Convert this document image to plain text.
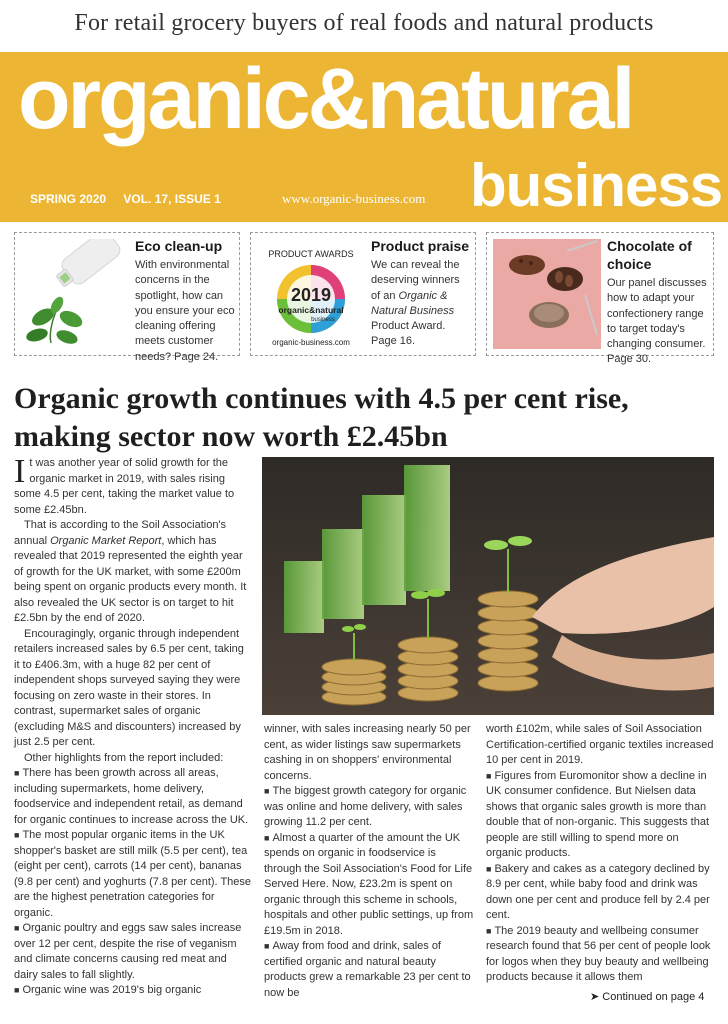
For retail grocery buyers of real foods and natural products
organic&natural
business
SPRING 2020 VOL. 17, ISSUE 1	www.organic-business.com
Eco clean-up

With environmental concerns in the spotlight, how can you ensure your eco cleaning offering meets customer needs? Page 24.

PRODUCT AWARDS
2019
organic&natural
business
organic-business.com
Product praise

We can reveal the deserving winners of an Organic & Natural Business Product Award. Page 16.

Chocolate of choice

Our panel discusses how to adapt your confectionery range to target today's changing consumer. Page 30.

Organic growth continues with 4.5 per cent rise, making sector now worth £2.45bn

It was another year of solid growth for the organic market in 2019, with sales rising some 4.5 per cent, taking the market value to some £2.45bn.

That is according to the Soil Association's annual Organic Market Report, which has revealed that 2019 represented the eighth year of growth for the UK market, with some £200m being spent on organic products every month. It also revealed the UK sector is on target to hit £2.5bn by the end of 2020.

Encouragingly, organic through independent retailers increased sales by 6.5 per cent, taking it to £406.3m, with a huge 82 per cent of independent shops surveyed saying they were focusing on zero waste in their stores. In contrast, supermarket sales of organic (excluding M&S and discounters) increased by just 2.5 per cent.

Other highlights from the report included:

■ There has been growth across all areas, including supermarkets, home delivery, foodservice and independent retail, as demand for organic continues to increase across the UK.

■ The most popular organic items in the UK shopper's basket are still milk (5.5 per cent), tea (eight per cent), carrots (14 per cent), bananas (9.8 per cent) and yoghurts (7.8 per cent). These are the highest penetration categories for organic.

■ Organic poultry and eggs saw sales increase over 12 per cent, despite the rise of veganism and climate concerns causing red meat and dairy sales to fall slightly.

■ Organic wine was 2019's big organic

winner, with sales increasing nearly 50 per cent, as wider listings saw supermarkets cashing in on shoppers' environmental concerns.

■ The biggest growth category for organic was online and home delivery, with sales growing 11.2 per cent.

■ Almost a quarter of the amount the UK spends on organic in foodservice is through the Soil Association's Food for Life Served Here. Now, £23.2m is spent on organic through this scheme in schools, hospitals and other public settings, up from £19.5m in 2018.

■ Away from food and drink, sales of certified organic and natural beauty products grew a remarkable 23 per cent to now be

worth £102m, while sales of Soil Association Certification-certified organic textiles increased 10 per cent in 2019.

■ Figures from Euromonitor show a decline in UK consumer confidence. But Nielsen data shows that organic sales growth is more than double that of non-organic. This suggests that people are still willing to spend more on organic products.

■ Bakery and cakes as a category declined by 8.9 per cent, while baby food and drink was down one per cent and produce fell by 2.4 per cent.

■ The 2019 beauty and wellbeing consumer research found that 56 per cent of people look for logos when they buy beauty and wellbeing products because it allows them

➤ Continued on page 4
